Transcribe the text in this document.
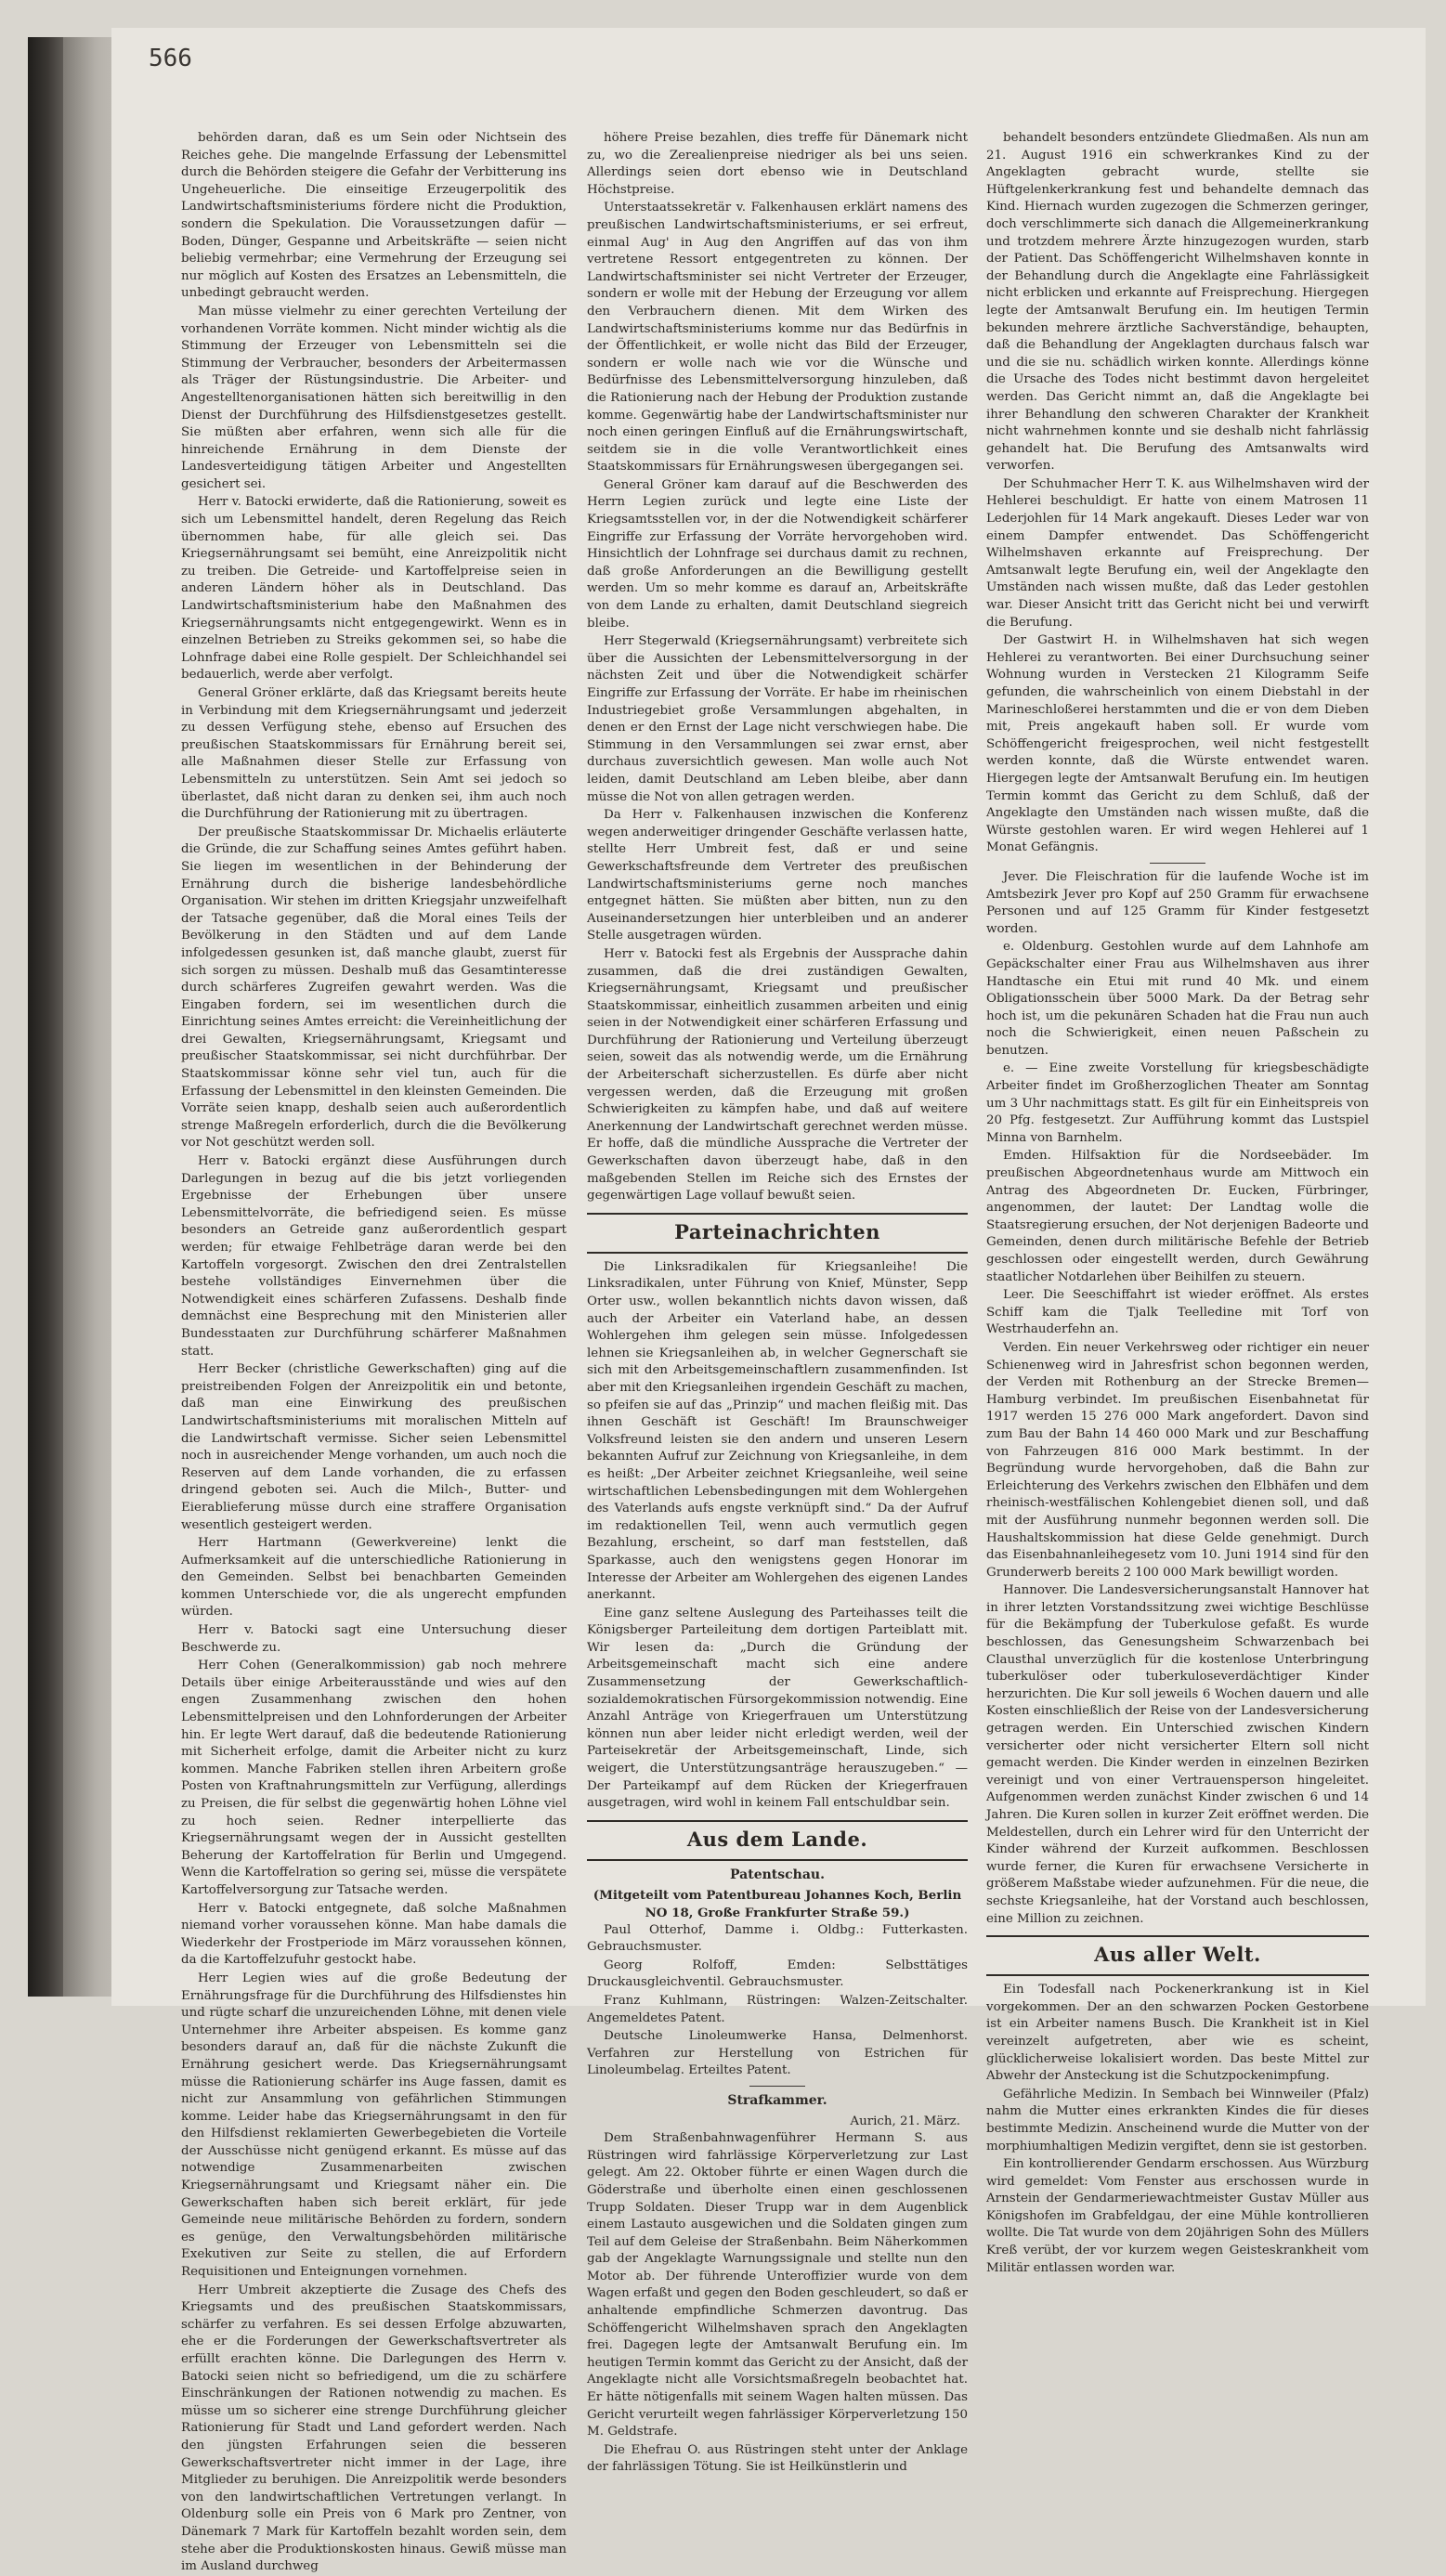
566

behörden daran, daß es um Sein oder Nichtsein des Reiches gehe. Die mangelnde Erfassung der Lebensmittel durch die Behörden steigere die Gefahr der Verbitterung ins Ungeheuerliche. Die einseitige Erzeugerpolitik des Landwirtschaftsministeriums fördere nicht die Produktion, sondern die Spekulation. Die Voraussetzungen dafür — Boden, Dünger, Gespanne und Arbeitskräfte — seien nicht beliebig vermehrbar; eine Vermehrung der Erzeugung sei nur möglich auf Kosten des Ersatzes an Lebensmitteln, die unbedingt gebraucht werden.

Man müsse vielmehr zu einer gerechten Verteilung der vorhandenen Vorräte kommen. Nicht minder wichtig als die Stimmung der Erzeuger von Lebensmitteln sei die Stimmung der Verbraucher, besonders der Arbeitermassen als Träger der Rüstungsindustrie. Die Arbeiter- und Angestelltenorganisationen hätten sich bereitwillig in den Dienst der Durchführung des Hilfsdienstgesetzes gestellt. Sie müßten aber erfahren, wenn sich alle für die hinreichende Ernährung in dem Dienste der Landesverteidigung tätigen Arbeiter und Angestellten gesichert sei.

Herr v. Batocki erwiderte, daß die Rationierung, soweit es sich um Lebensmittel handelt, deren Regelung das Reich übernommen habe, für alle gleich sei. Das Kriegsernährungsamt sei bemüht, eine Anreizpolitik nicht zu treiben. Die Getreide- und Kartoffelpreise seien in anderen Ländern höher als in Deutschland. Das Landwirtschaftsministerium habe den Maßnahmen des Kriegsernährungsamts nicht entgegengewirkt. Wenn es in einzelnen Betrieben zu Streiks gekommen sei, so habe die Lohnfrage dabei eine Rolle gespielt. Der Schleichhandel sei bedauerlich, werde aber verfolgt.

General Gröner erklärte, daß das Kriegsamt bereits heute in Verbindung mit dem Kriegsernährungsamt und jederzeit zu dessen Verfügung stehe, ebenso auf Ersuchen des preußischen Staatskommissars für Ernährung bereit sei, alle Maßnahmen dieser Stelle zur Erfassung von Lebensmitteln zu unterstützen. Sein Amt sei jedoch so überlastet, daß nicht daran zu denken sei, ihm auch noch die Durchführung der Rationierung mit zu übertragen.

Der preußische Staatskommissar Dr. Michaelis erläuterte die Gründe, die zur Schaffung seines Amtes geführt haben. Sie liegen im wesentlichen in der Behinderung der Ernährung durch die bisherige landesbehördliche Organisation. Wir stehen im dritten Kriegsjahr unzweifelhaft der Tatsache gegenüber, daß die Moral eines Teils der Bevölkerung in den Städten und auf dem Lande infolgedessen gesunken ist, daß manche glaubt, zuerst für sich sorgen zu müssen. Deshalb muß das Gesamtinteresse durch schärferes Zugreifen gewahrt werden. Was die Eingaben fordern, sei im wesentlichen durch die Einrichtung seines Amtes erreicht: die Vereinheitlichung der drei Gewalten, Kriegsernährungsamt, Kriegsamt und preußischer Staatskommissar, sei nicht durchführbar. Der Staatskommissar könne sehr viel tun, auch für die Erfassung der Lebensmittel in den kleinsten Gemeinden. Die Vorräte seien knapp, deshalb seien auch außerordentlich strenge Maßregeln erforderlich, durch die die Bevölkerung vor Not geschützt werden soll.

Herr v. Batocki ergänzt diese Ausführungen durch Darlegungen in bezug auf die bis jetzt vorliegenden Ergebnisse der Erhebungen über unsere Lebensmittelvorräte, die befriedigend seien. Es müsse besonders an Getreide ganz außerordentlich gespart werden; für etwaige Fehlbeträge daran werde bei den Kartoffeln vorgesorgt. Zwischen den drei Zentralstellen bestehe vollständiges Einvernehmen über die Notwendigkeit eines schärferen Zufassens. Deshalb finde demnächst eine Besprechung mit den Ministerien aller Bundesstaaten zur Durchführung schärferer Maßnahmen statt.

Herr Becker (christliche Gewerkschaften) ging auf die preistreibenden Folgen der Anreizpolitik ein und betonte, daß man eine Einwirkung des preußischen Landwirtschaftsministeriums mit moralischen Mitteln auf die Landwirtschaft vermisse. Sicher seien Lebensmittel noch in ausreichender Menge vorhanden, um auch noch die Reserven auf dem Lande vorhanden, die zu erfassen dringend geboten sei. Auch die Milch-, Butter- und Eierablieferung müsse durch eine straffere Organisation wesentlich gesteigert werden.

Herr Hartmann (Gewerkvereine) lenkt die Aufmerksamkeit auf die unterschiedliche Rationierung in den Gemeinden. Selbst bei benachbarten Gemeinden kommen Unterschiede vor, die als ungerecht empfunden würden.

Herr v. Batocki sagt eine Untersuchung dieser Beschwerde zu.

Herr Cohen (Generalkommission) gab noch mehrere Details über einige Arbeiterausstände und wies auf den engen Zusammenhang zwischen den hohen Lebensmittelpreisen und den Lohnforderungen der Arbeiter hin. Er legte Wert darauf, daß die bedeutende Rationierung mit Sicherheit erfolge, damit die Arbeiter nicht zu kurz kommen. Manche Fabriken stellen ihren Arbeitern große Posten von Kraftnahrungsmitteln zur Verfügung, allerdings zu Preisen, die für selbst die gegenwärtig hohen Löhne viel zu hoch seien. Redner interpellierte das Kriegsernährungsamt wegen der in Aussicht gestellten Beherung der Kartoffelration für Berlin und Umgegend. Wenn die Kartoffelration so gering sei, müsse die verspätete Kartoffelversorgung zur Tatsache werden.

Herr v. Batocki entgegnete, daß solche Maßnahmen niemand vorher voraussehen könne. Man habe damals die Wiederkehr der Frostperiode im März voraussehen können, da die Kartoffelzufuhr gestockt habe.

Herr Legien wies auf die große Bedeutung der Ernährungsfrage für die Durchführung des Hilfsdienstes hin und rügte scharf die unzureichenden Löhne, mit denen viele Unternehmer ihre Arbeiter abspeisen. Es komme ganz besonders darauf an, daß für die nächste Zukunft die Ernährung gesichert werde. Das Kriegsernährungsamt müsse die Rationierung schärfer ins Auge fassen, damit es nicht zur Ansammlung von gefährlichen Stimmungen komme. Leider habe das Kriegsernährungsamt in den für den Hilfsdienst reklamierten Gewerbegebieten die Vorteile der Ausschüsse nicht genügend erkannt. Es müsse auf das notwendige Zusammenarbeiten zwischen Kriegsernährungsamt und Kriegsamt näher ein. Die Gewerkschaften haben sich bereit erklärt, für jede Gemeinde neue militärische Behörden zu fordern, sondern es genüge, den Verwaltungsbehörden militärische Exekutiven zur Seite zu stellen, die auf Erfordern Requisitionen und Enteignungen vornehmen.

Herr Umbreit akzeptierte die Zusage des Chefs des Kriegsamts und des preußischen Staatskommissars, schärfer zu verfahren. Es sei dessen Erfolge abzuwarten, ehe er die Forderungen der Gewerkschaftsvertreter als erfüllt erachten könne. Die Darlegungen des Herrn v. Batocki seien nicht so befriedigend, um die zu schärfere Einschränkungen der Rationen notwendig zu machen. Es müsse um so sicherer eine strenge Durchführung gleicher Rationierung für Stadt und Land gefordert werden. Nach den jüngsten Erfahrungen seien die besseren Gewerkschaftsvertreter nicht immer in der Lage, ihre Mitglieder zu beruhigen. Die Anreizpolitik werde besonders von den landwirtschaftlichen Vertretungen verlangt. In Oldenburg solle ein Preis von 6 Mark pro Zentner, von Dänemark 7 Mark für Kartoffeln bezahlt worden sein, dem stehe aber die Produktionskosten hinaus. Gewiß müsse man im Ausland durchweg

höhere Preise bezahlen, dies treffe für Dänemark nicht zu, wo die Zerealienpreise niedriger als bei uns seien. Allerdings seien dort ebenso wie in Deutschland Höchstpreise.

Unterstaatssekretär v. Falkenhausen erklärt namens des preußischen Landwirtschaftsministeriums, er sei erfreut, einmal Aug' in Aug den Angriffen auf das von ihm vertretene Ressort entgegentreten zu können. Der Landwirtschaftsminister sei nicht Vertreter der Erzeuger, sondern er wolle mit der Hebung der Erzeugung vor allem den Verbrauchern dienen. Mit dem Wirken des Landwirtschaftsministeriums komme nur das Bedürfnis in der Öffentlichkeit, er wolle nicht das Bild der Erzeuger, sondern er wolle nach wie vor die Wünsche und Bedürfnisse des Lebensmittelversorgung hinzuleben, daß die Rationierung nach der Hebung der Produktion zustande komme. Gegenwärtig habe der Landwirtschaftsminister nur noch einen geringen Einfluß auf die Ernährungswirtschaft, seitdem sie in die volle Verantwortlichkeit eines Staatskommissars für Ernährungswesen übergegangen sei.

General Gröner kam darauf auf die Beschwerden des Herrn Legien zurück und legte eine Liste der Kriegsamtsstellen vor, in der die Notwendigkeit schärferer Eingriffe zur Erfassung der Vorräte hervorgehoben wird. Hinsichtlich der Lohnfrage sei durchaus damit zu rechnen, daß große Anforderungen an die Bewilligung gestellt werden. Um so mehr komme es darauf an, Arbeitskräfte von dem Lande zu erhalten, damit Deutschland siegreich bleibe.

Herr Stegerwald (Kriegsernährungsamt) verbreitete sich über die Aussichten der Lebensmittelversorgung in der nächsten Zeit und über die Notwendigkeit schärfer Eingriffe zur Erfassung der Vorräte. Er habe im rheinischen Industriegebiet große Versammlungen abgehalten, in denen er den Ernst der Lage nicht verschwiegen habe. Die Stimmung in den Versammlungen sei zwar ernst, aber durchaus zuversichtlich gewesen. Man wolle auch Not leiden, damit Deutschland am Leben bleibe, aber dann müsse die Not von allen getragen werden.

Da Herr v. Falkenhausen inzwischen die Konferenz wegen anderweitiger dringender Geschäfte verlassen hatte, stellte Herr Umbreit fest, daß er und seine Gewerkschaftsfreunde dem Vertreter des preußischen Landwirtschaftsministeriums gerne noch manches entgegnet hätten. Sie müßten aber bitten, nun zu den Auseinandersetzungen hier unterbleiben und an anderer Stelle ausgetragen würden.

Herr v. Batocki fest als Ergebnis der Aussprache dahin zusammen, daß die drei zuständigen Gewalten, Kriegsernährungsamt, Kriegsamt und preußischer Staatskommissar, einheitlich zusammen arbeiten und einig seien in der Notwendigkeit einer schärferen Erfassung und Durchführung der Rationierung und Verteilung überzeugt seien, soweit das als notwendig werde, um die Ernährung der Arbeiterschaft sicherzustellen. Es dürfe aber nicht vergessen werden, daß die Erzeugung mit großen Schwierigkeiten zu kämpfen habe, und daß auf weitere Anerkennung der Landwirtschaft gerechnet werden müsse. Er hoffe, daß die mündliche Aussprache die Vertreter der Gewerkschaften davon überzeugt habe, daß in den maßgebenden Stellen im Reiche sich des Ernstes der gegenwärtigen Lage vollauf bewußt seien.

Parteinachrichten

Die Linksradikalen für Kriegsanleihe! Die Linksradikalen, unter Führung von Knief, Münster, Sepp Orter usw., wollen bekanntlich nichts davon wissen, daß auch der Arbeiter ein Vaterland habe, an dessen Wohlergehen ihm gelegen sein müsse. Infolgedessen lehnen sie Kriegsanleihen ab, in welcher Gegnerschaft sie sich mit den Arbeitsgemeinschaftlern zusammenfinden. Ist aber mit den Kriegsanleihen irgendein Geschäft zu machen, so pfeifen sie auf das „Prinzip“ und machen fleißig mit. Das ihnen Geschäft ist Geschäft! Im Braunschweiger Volksfreund leisten sie den andern und unseren Lesern bekannten Aufruf zur Zeichnung von Kriegsanleihe, in dem es heißt: „Der Arbeiter zeichnet Kriegsanleihe, weil seine wirtschaftlichen Lebensbedingungen mit dem Wohlergehen des Vaterlands aufs engste verknüpft sind.“ Da der Aufruf im redaktionellen Teil, wenn auch vermutlich gegen Bezahlung, erscheint, so darf man feststellen, daß Sparkasse, auch den wenigstens gegen Honorar im Interesse der Arbeiter am Wohlergehen des eigenen Landes anerkannt.

Eine ganz seltene Auslegung des Parteihasses teilt die Königsberger Parteileitung dem dortigen Parteiblatt mit. Wir lesen da: „Durch die Gründung der Arbeitsgemeinschaft macht sich eine andere Zusammensetzung der Gewerkschaftlich-sozialdemokratischen Fürsorgekommission notwendig. Eine Anzahl Anträge von Kriegerfrauen um Unterstützung können nun aber leider nicht erledigt werden, weil der Parteisekretär der Arbeitsgemeinschaft, Linde, sich weigert, die Unterstützungsanträge herauszugeben.“ — Der Parteikampf auf dem Rücken der Kriegerfrauen ausgetragen, wird wohl in keinem Fall entschuldbar sein.

Aus dem Lande.
Patentschau.
(Mitgeteilt vom Patentbureau Johannes Koch, Berlin NO 18, Große Frankfurter Straße 59.)

Paul Otterhof, Damme i. Oldbg.: Futterkasten. Gebrauchsmuster.

Georg Rolfoff, Emden: Selbsttätiges Druckausgleichventil. Gebrauchsmuster.

Franz Kuhlmann, Rüstringen: Walzen-Zeitschalter. Angemeldetes Patent.

Deutsche Linoleumwerke Hansa, Delmenhorst. Verfahren zur Herstellung von Estrichen für Linoleumbelag. Erteiltes Patent.

Strafkammer.
Aurich, 21. März.

Dem Straßenbahnwagenführer Hermann S. aus Rüstringen wird fahrlässige Körperverletzung zur Last gelegt. Am 22. Oktober führte er einen Wagen durch die Göderstraße und überholte einen einen geschlossenen Trupp Soldaten. Dieser Trupp war in dem Augenblick einem Lastauto ausgewichen und die Soldaten gingen zum Teil auf dem Geleise der Straßenbahn. Beim Näherkommen gab der Angeklagte Warnungssignale und stellte nun den Motor ab. Der führende Unteroffizier wurde von dem Wagen erfaßt und gegen den Boden geschleudert, so daß er anhaltende empfindliche Schmerzen davontrug. Das Schöffengericht Wilhelmshaven sprach den Angeklagten frei. Dagegen legte der Amtsanwalt Berufung ein. Im heutigen Termin kommt das Gericht zu der Ansicht, daß der Angeklagte nicht alle Vorsichtsmaßregeln beobachtet hat. Er hätte nötigenfalls mit seinem Wagen halten müssen. Das Gericht verurteilt wegen fahrlässiger Körperverletzung 150 M. Geldstrafe.

Die Ehefrau O. aus Rüstringen steht unter der Anklage der fahrlässigen Tötung. Sie ist Heilkünstlerin und

behandelt besonders entzündete Gliedmaßen. Als nun am 21. August 1916 ein schwerkrankes Kind zu der Angeklagten gebracht wurde, stellte sie Hüftgelenkerkrankung fest und behandelte demnach das Kind. Hiernach wurden zugezogen die Schmerzen geringer, doch verschlimmerte sich danach die Allgemeinerkrankung und trotzdem mehrere Ärzte hinzugezogen wurden, starb der Patient. Das Schöffengericht Wilhelmshaven konnte in der Behandlung durch die Angeklagte eine Fahrlässigkeit nicht erblicken und erkannte auf Freisprechung. Hiergegen legte der Amtsanwalt Berufung ein. Im heutigen Termin bekunden mehrere ärztliche Sachverständige, behaupten, daß die Behandlung der Angeklagten durchaus falsch war und die sie nu. schädlich wirken konnte. Allerdings könne die Ursache des Todes nicht bestimmt davon hergeleitet werden. Das Gericht nimmt an, daß die Angeklagte bei ihrer Behandlung den schweren Charakter der Krankheit nicht wahrnehmen konnte und sie deshalb nicht fahrlässig gehandelt hat. Die Berufung des Amtsanwalts wird verworfen.

Der Schuhmacher Herr T. K. aus Wilhelmshaven wird der Hehlerei beschuldigt. Er hatte von einem Matrosen 11 Lederjohlen für 14 Mark angekauft. Dieses Leder war von einem Dampfer entwendet. Das Schöffengericht Wilhelmshaven erkannte auf Freisprechung. Der Amtsanwalt legte Berufung ein, weil der Angeklagte den Umständen nach wissen mußte, daß das Leder gestohlen war. Dieser Ansicht tritt das Gericht nicht bei und verwirft die Berufung.

Der Gastwirt H. in Wilhelmshaven hat sich wegen Hehlerei zu verantworten. Bei einer Durchsuchung seiner Wohnung wurden in Verstecken 21 Kilogramm Seife gefunden, die wahrscheinlich von einem Diebstahl in der Marineschloßerei herstammten und die er von dem Dieben mit, Preis angekauft haben soll. Er wurde vom Schöffengericht freigesprochen, weil nicht festgestellt werden konnte, daß die Würste entwendet waren. Hiergegen legte der Amtsanwalt Berufung ein. Im heutigen Termin kommt das Gericht zu dem Schluß, daß der Angeklagte den Umständen nach wissen mußte, daß die Würste gestohlen waren. Er wird wegen Hehlerei auf 1 Monat Gefängnis.

Jever. Die Fleischration für die laufende Woche ist im Amtsbezirk Jever pro Kopf auf 250 Gramm für erwachsene Personen und auf 125 Gramm für Kinder festgesetzt worden.

e. Oldenburg. Gestohlen wurde auf dem Lahnhofe am Gepäckschalter einer Frau aus Wilhelmshaven aus ihrer Handtasche ein Etui mit rund 40 Mk. und einem Obligationsschein über 5000 Mark. Da der Betrag sehr hoch ist, um die pekunären Schaden hat die Frau nun auch noch die Schwierigkeit, einen neuen Paßschein zu benutzen.

e. — Eine zweite Vorstellung für kriegsbeschädigte Arbeiter findet im Großherzoglichen Theater am Sonntag um 3 Uhr nachmittags statt. Es gilt für ein Einheitspreis von 20 Pfg. festgesetzt. Zur Aufführung kommt das Lustspiel Minna von Barnhelm.

Emden. Hilfsaktion für die Nordseebäder. Im preußischen Abgeordnetenhaus wurde am Mittwoch ein Antrag des Abgeordneten Dr. Eucken, Fürbringer, angenommen, der lautet: Der Landtag wolle die Staatsregierung ersuchen, der Not derjenigen Badeorte und Gemeinden, denen durch militärische Befehle der Betrieb geschlossen oder eingestellt werden, durch Gewährung staatlicher Notdarlehen über Beihilfen zu steuern.

Leer. Die Seeschiffahrt ist wieder eröffnet. Als erstes Schiff kam die Tjalk Teelledine mit Torf von Westrhauderfehn an.

Verden. Ein neuer Verkehrsweg oder richtiger ein neuer Schienenweg wird in Jahresfrist schon begonnen werden, der Verden mit Rothenburg an der Strecke Bremen—Hamburg verbindet. Im preußischen Eisenbahnetat für 1917 werden 15 276 000 Mark angefordert. Davon sind zum Bau der Bahn 14 460 000 Mark und zur Beschaffung von Fahrzeugen 816 000 Mark bestimmt. In der Begründung wurde hervorgehoben, daß die Bahn zur Erleichterung des Verkehrs zwischen den Elbhäfen und dem rheinisch-westfälischen Kohlengebiet dienen soll, und daß mit der Ausführung nunmehr begonnen werden soll. Die Haushaltskommission hat diese Gelde genehmigt. Durch das Eisenbahnanleihegesetz vom 10. Juni 1914 sind für den Grunderwerb bereits 2 100 000 Mark bewilligt worden.

Hannover. Die Landesversicherungsanstalt Hannover hat in ihrer letzten Vorstandssitzung zwei wichtige Beschlüsse für die Bekämpfung der Tuberkulose gefaßt. Es wurde beschlossen, das Genesungsheim Schwarzenbach bei Clausthal unverzüglich für die kostenlose Unterbringung tuberkulöser oder tuberkuloseverdächtiger Kinder herzurichten. Die Kur soll jeweils 6 Wochen dauern und alle Kosten einschließlich der Reise von der Landesversicherung getragen werden. Ein Unterschied zwischen Kindern versicherter oder nicht versicherter Eltern soll nicht gemacht werden. Die Kinder werden in einzelnen Bezirken vereinigt und von einer Vertrauensperson hingeleitet. Aufgenommen werden zunächst Kinder zwischen 6 und 14 Jahren. Die Kuren sollen in kurzer Zeit eröffnet werden. Die Meldestellen, durch ein Lehrer wird für den Unterricht der Kinder während der Kurzeit aufkommen. Beschlossen wurde ferner, die Kuren für erwachsene Versicherte in größerem Maßstabe wieder aufzunehmen. Für die neue, die sechste Kriegsanleihe, hat der Vorstand auch beschlossen, eine Million zu zeichnen.

Aus aller Welt.

Ein Todesfall nach Pockenerkrankung ist in Kiel vorgekommen. Der an den schwarzen Pocken Gestorbene ist ein Arbeiter namens Busch. Die Krankheit ist in Kiel vereinzelt aufgetreten, aber wie es scheint, glücklicherweise lokalisiert worden. Das beste Mittel zur Abwehr der Ansteckung ist die Schutzpockenimpfung.

Gefährliche Medizin. In Sembach bei Winnweiler (Pfalz) nahm die Mutter eines erkrankten Kindes die für dieses bestimmte Medizin. Anscheinend wurde die Mutter von der morphiumhaltigen Medizin vergiftet, denn sie ist gestorben.

Ein kontrollierender Gendarm erschossen. Aus Würzburg wird gemeldet: Vom Fenster aus erschossen wurde in Arnstein der Gendarmeriewachtmeister Gustav Müller aus Königshofen im Grabfeldgau, der eine Mühle kontrollieren wollte. Die Tat wurde von dem 20jährigen Sohn des Müllers Kreß verübt, der vor kurzem wegen Geisteskrankheit vom Militär entlassen worden war.
